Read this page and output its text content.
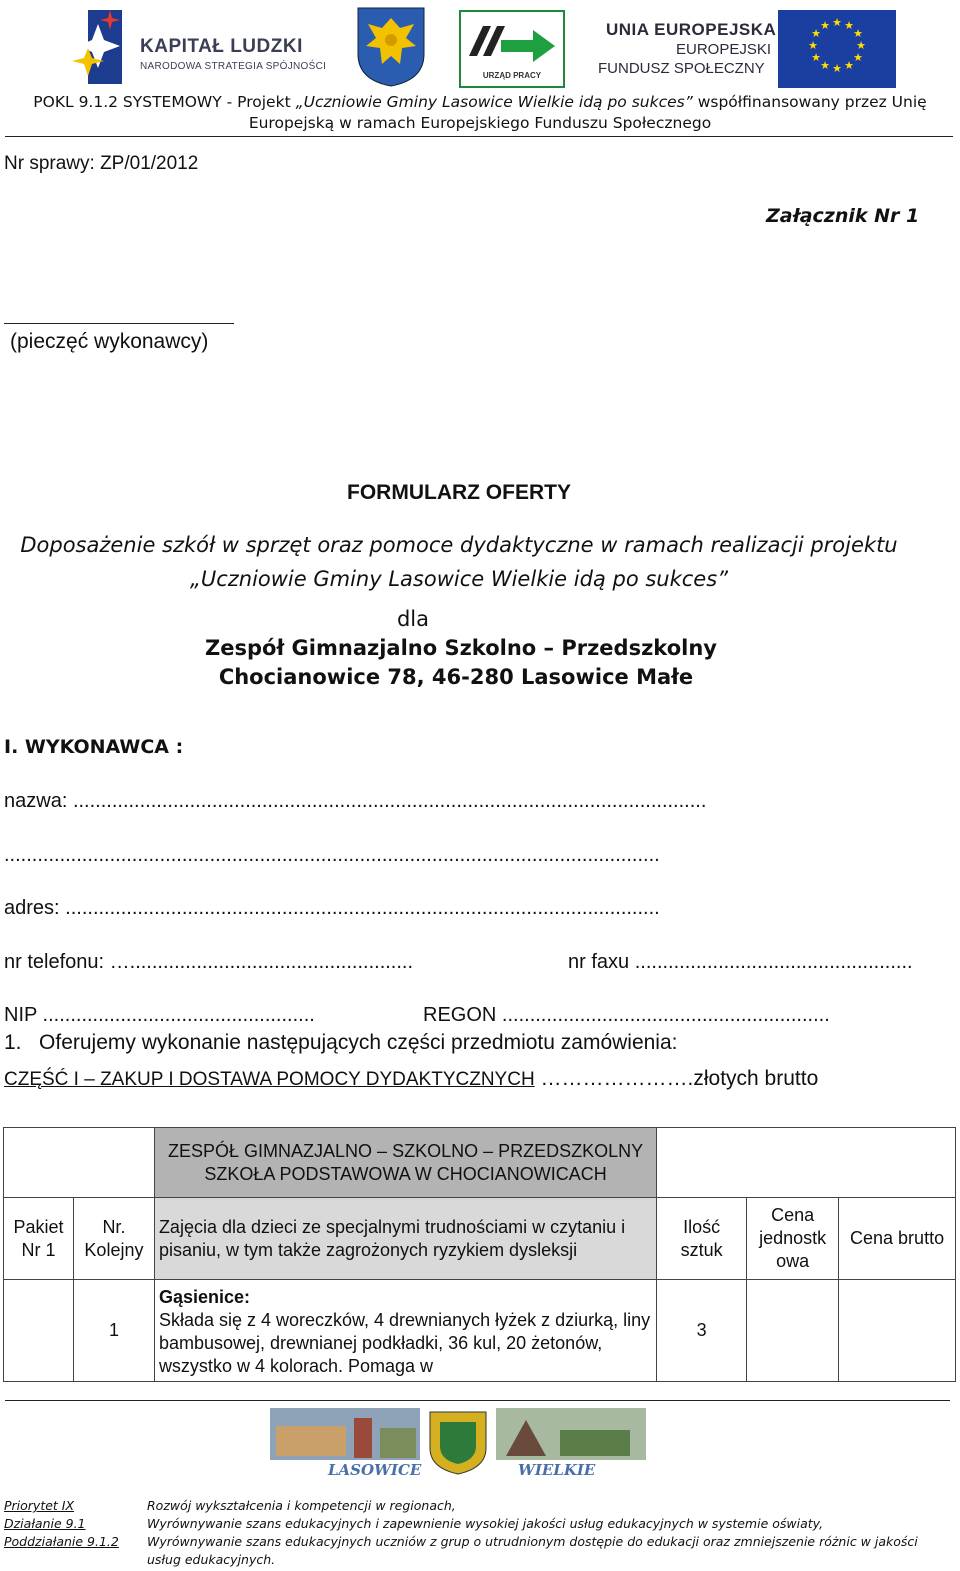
KAPITAŁ LUDZKI
NARODOWA STRATEGIA SPÓJNOŚCI
URZĄD PRACY
UNIA EUROPEJSKA
EUROPEJSKI
FUNDUSZ SPOŁECZNY
★ ★
★
★
★
★
★
★
★
★
★
★
POKL 9.1.2 SYSTEMOWY - Projekt „Uczniowie Gminy Lasowice Wielkie idą po sukces” współfinansowany przez Unię
Europejską w ramach Europejskiego Funduszu Społecznego
Nr sprawy: ZP/01/2012
Załącznik Nr 1
(pieczęć wykonawcy)
FORMULARZ OFERTY
Doposażenie szkół w sprzęt oraz pomoce dydaktyczne w ramach realizacji projektu
„Uczniowie Gminy Lasowice Wielkie idą po sukces”
dla
Zespół Gimnazjalno Szkolno – Przedszkolny
Chocianowice 78, 46-280 Lasowice Małe
I. WYKONAWCA :
nazwa: ..................................................................................................................
......................................................................................................................
adres: ...........................................................................................................
nr telefonu: …...................................................	nr faxu ..................................................
NIP .................................................	REGON ...........................................................
1. Oferujemy wykonanie następujących części przedmiotu zamówienia:
CZĘŚĆ I – ZAKUP I DOSTAWA POMOCY DYDAKTYCZNYCH ………………….złotych brutto
		ZESPÓŁ GIMNAZJALNO – SZKOLNO – PRZEDSZKOLNY SZKOŁA PODSTAWOWA W CHOCIANOWICACH			
Pakiet Nr 1	Nr. Kolejny	Zajęcia dla dzieci ze specjalnymi trudnościami w czytaniu i pisaniu, w tym także zagrożonych ryzykiem dysleksji	Ilość sztuk	Cena jednostk owa	Cena brutto
	1	Gąsienice:
Składa się z 4 woreczków, 4 drewnianych łyżek z dziurką, liny bambusowej, drewnianej podkładki, 36 kul, 20 żetonów, wszystko w 4 kolorach. Pomaga w	3		
LASOWICE	WIELKIE
Priorytet IX
Działanie 9.1
Poddziałanie 9.1.2
Rozwój wykształcenia i kompetencji w regionach,
Wyrównywanie szans edukacyjnych i zapewnienie wysokiej jakości usług edukacyjnych w systemie oświaty,
Wyrównywanie szans edukacyjnych uczniów z grup o utrudnionym dostępie do edukacji oraz zmniejszenie różnic w jakości usług edukacyjnych.
